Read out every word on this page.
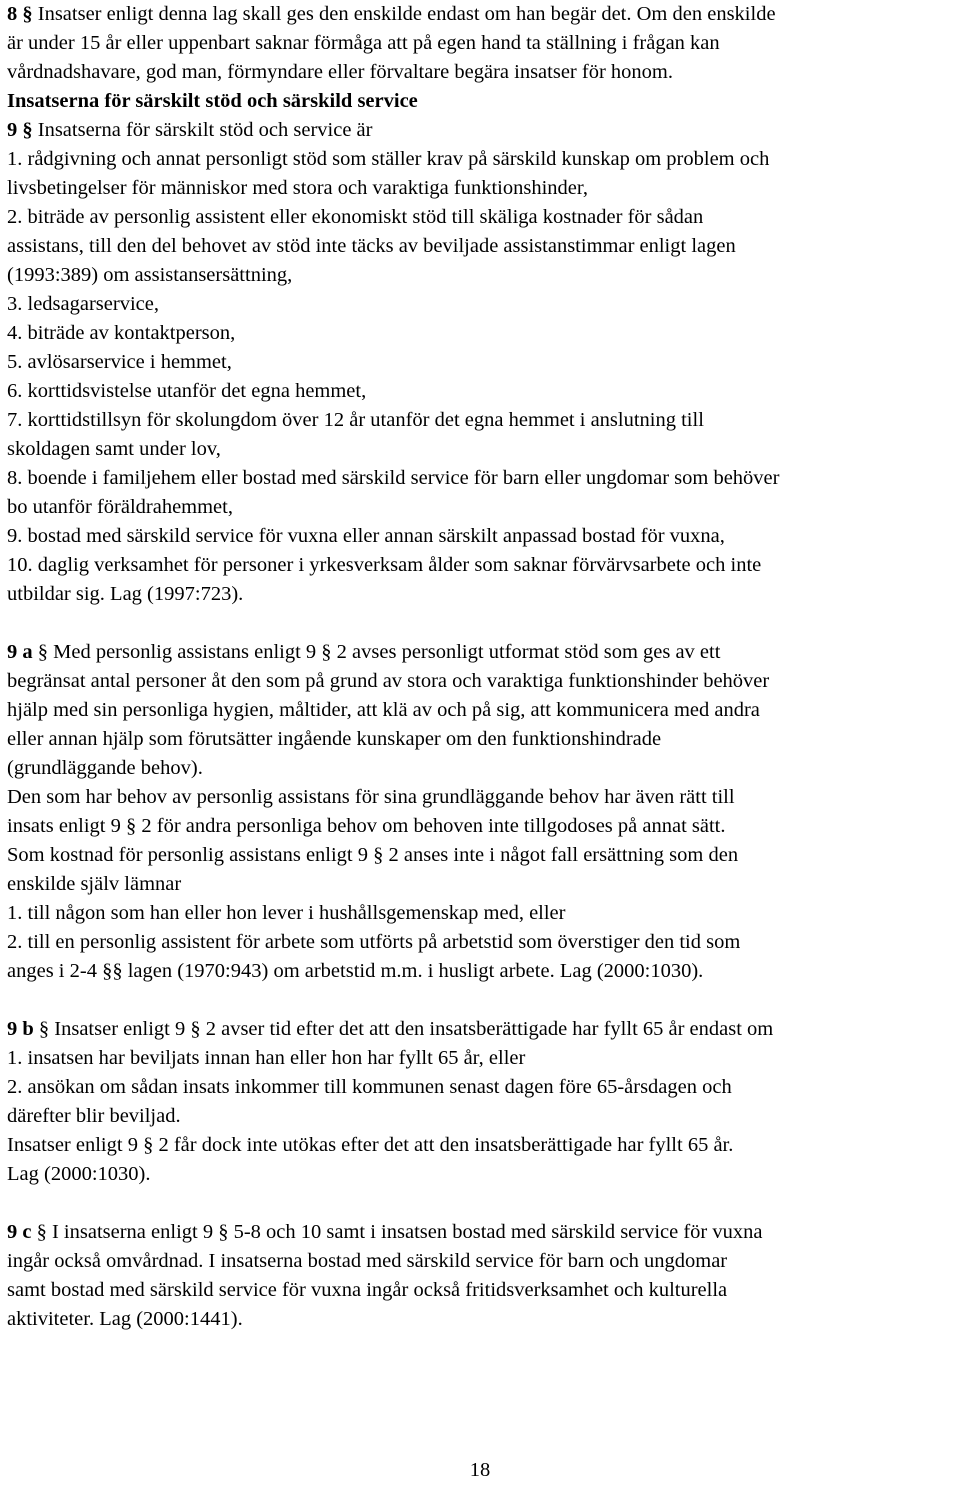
8 § Insatser enligt denna lag skall ges den enskilde endast om han begär det. Om den enskilde
är under 15 år eller uppenbart saknar förmåga att på egen hand ta ställning i frågan kan
vårdnadshavare, god man, förmyndare eller förvaltare begära insatser för honom.
Insatserna för särskilt stöd och särskild service
9 § Insatserna för särskilt stöd och service är
1. rådgivning och annat personligt stöd som ställer krav på särskild kunskap om problem och
livsbetingelser för människor med stora och varaktiga funktionshinder,
2. biträde av personlig assistent eller ekonomiskt stöd till skäliga kostnader för sådan
assistans, till den del behovet av stöd inte täcks av beviljade assistanstimmar enligt lagen
(1993:389) om assistansersättning,
3. ledsagarservice,
4. biträde av kontaktperson,
5. avlösarservice i hemmet,
6. korttidsvistelse utanför det egna hemmet,
7. korttidstillsyn för skolungdom över 12 år utanför det egna hemmet i anslutning till
skoldagen samt under lov,
8. boende i familjehem eller bostad med särskild service för barn eller ungdomar som behöver
bo utanför föräldrahemmet,
9. bostad med särskild service för vuxna eller annan särskilt anpassad bostad för vuxna,
10. daglig verksamhet för personer i yrkesverksam ålder som saknar förvärvsarbete och inte
utbildar sig. Lag (1997:723).
9 a § Med personlig assistans enligt 9 § 2 avses personligt utformat stöd som ges av ett
begränsat antal personer åt den som på grund av stora och varaktiga funktionshinder behöver
hjälp med sin personliga hygien, måltider, att klä av och på sig, att kommunicera med andra
eller annan hjälp som förutsätter ingående kunskaper om den funktionshindrade
(grundläggande behov).
Den som har behov av personlig assistans för sina grundläggande behov har även rätt till
insats enligt 9 § 2 för andra personliga behov om behoven inte tillgodoses på annat sätt.
Som kostnad för personlig assistans enligt 9 § 2 anses inte i något fall ersättning som den
enskilde själv lämnar
1. till någon som han eller hon lever i hushållsgemenskap med, eller
2. till en personlig assistent för arbete som utförts på arbetstid som överstiger den tid som
anges i 2-4 §§ lagen (1970:943) om arbetstid m.m. i husligt arbete. Lag (2000:1030).
9 b § Insatser enligt 9 § 2 avser tid efter det att den insatsberättigade har fyllt 65 år endast om
1. insatsen har beviljats innan han eller hon har fyllt 65 år, eller
2. ansökan om sådan insats inkommer till kommunen senast dagen före 65-årsdagen och
därefter blir beviljad.
Insatser enligt 9 § 2 får dock inte utökas efter det att den insatsberättigade har fyllt 65 år.
Lag (2000:1030).
9 c § I insatserna enligt 9 § 5-8 och 10 samt i insatsen bostad med särskild service för vuxna
ingår också omvårdnad. I insatserna bostad med särskild service för barn och ungdomar
samt bostad med särskild service för vuxna ingår också fritidsverksamhet och kulturella
aktiviteter. Lag (2000:1441).
18
